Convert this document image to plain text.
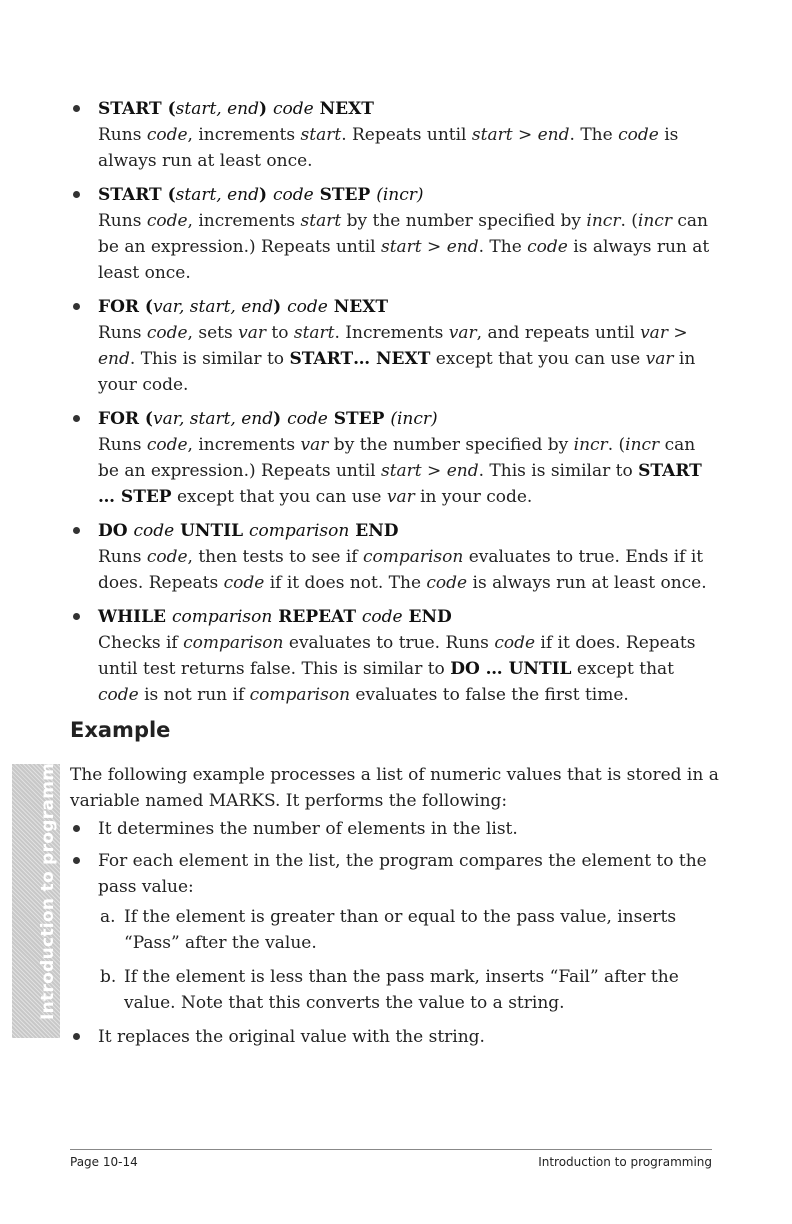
START (start, end) code NEXT
Runs code, increments start. Repeats until start > end. The code is always run at least once.
START (start, end) code STEP (incr)
Runs code, increments start by the number specified by incr. (incr can be an expression.) Repeats until start > end. The code is always run at least once.
FOR (var, start, end) code NEXT
Runs code, sets var to start. Increments var, and repeats until var > end. This is similar to START… NEXT except that you can use var in your code.
FOR (var, start, end) code STEP (incr)
Runs code, increments var by the number specified by incr. (incr can be an expression.) Repeats until start > end. This is similar to START … STEP except that you can use var in your code.
DO code UNTIL comparison END
Runs code, then tests to see if comparison evaluates to true. Ends if it does. Repeats code if it does not. The code is always run at least once.
WHILE comparison REPEAT code END
Checks if comparison evaluates to true. Runs code if it does. Repeats until test returns false. This is similar to DO … UNTIL except that code is not run if comparison evaluates to false the first time.
Example
Introduction to programming The following example processes a list of numeric values that is stored in a variable named MARKS. It performs the following:
It determines the number of elements in the list.
For each element in the list, the program compares the element to the pass value:
a. If the element is greater than or equal to the pass value, inserts “Pass” after the value.
b. If the element is less than the pass mark, inserts “Fail” after the value. Note that this converts the value to a string.
It replaces the original value with the string.
Page 10-14	Introduction to programming
